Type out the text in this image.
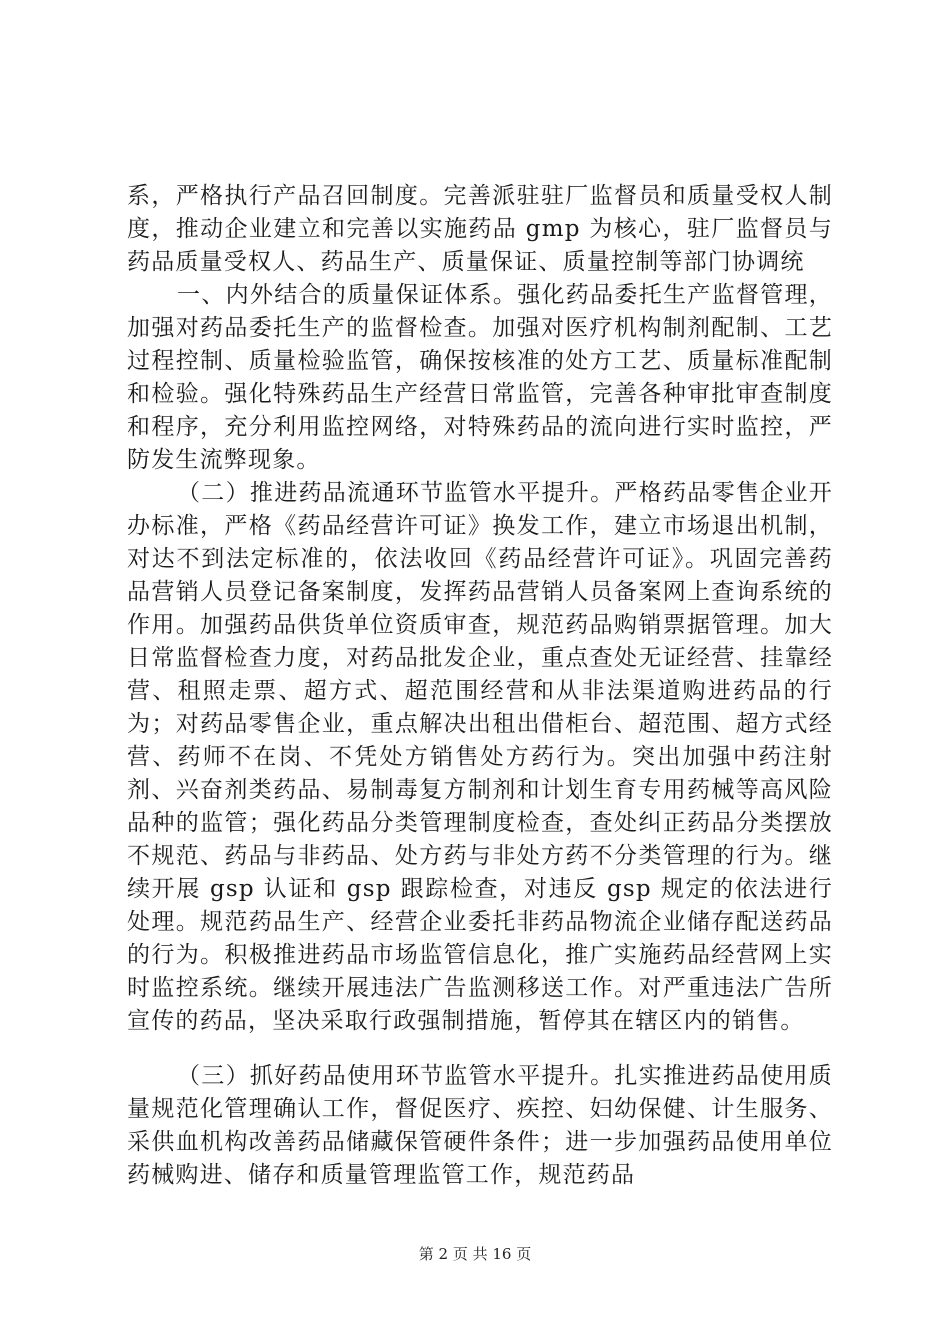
系，严格执行产品召回制度。完善派驻驻厂监督员和质量受权人制度，推动企业建立和完善以实施药品 gmp 为核心，驻厂监督员与药品质量受权人、药品生产、质量保证、质量控制等部门协调统

一、内外结合的质量保证体系。强化药品委托生产监督管理，加强对药品委托生产的监督检查。加强对医疗机构制剂配制、工艺过程控制、质量检验监管，确保按核准的处方工艺、质量标准配制和检验。强化特殊药品生产经营日常监管，完善各种审批审查制度和程序，充分利用监控网络，对特殊药品的流向进行实时监控，严防发生流弊现象。

（二）推进药品流通环节监管水平提升。严格药品零售企业开办标准，严格《药品经营许可证》换发工作，建立市场退出机制，对达不到法定标准的，依法收回《药品经营许可证》。巩固完善药品营销人员登记备案制度，发挥药品营销人员备案网上查询系统的作用。加强药品供货单位资质审查，规范药品购销票据管理。加大日常监督检查力度，对药品批发企业，重点查处无证经营、挂靠经营、租照走票、超方式、超范围经营和从非法渠道购进药品的行为；对药品零售企业，重点解决出租出借柜台、超范围、超方式经营、药师不在岗、不凭处方销售处方药行为。突出加强中药注射剂、兴奋剂类药品、易制毒复方制剂和计划生育专用药械等高风险品种的监管；强化药品分类管理制度检查，查处纠正药品分类摆放不规范、药品与非药品、处方药与非处方药不分类管理的行为。继续开展 gsp 认证和 gsp 跟踪检查，对违反 gsp 规定的依法进行处理。规范药品生产、经营企业委托非药品物流企业储存配送药品的行为。积极推进药品市场监管信息化，推广实施药品经营网上实时监控系统。继续开展违法广告监测移送工作。对严重违法广告所宣传的药品，坚决采取行政强制措施，暂停其在辖区内的销售。

（三）抓好药品使用环节监管水平提升。扎实推进药品使用质量规范化管理确认工作，督促医疗、疾控、妇幼保健、计生服务、采供血机构改善药品储藏保管硬件条件；进一步加强药品使用单位药械购进、储存和质量管理监管工作，规范药品

第 2 页 共 16 页
